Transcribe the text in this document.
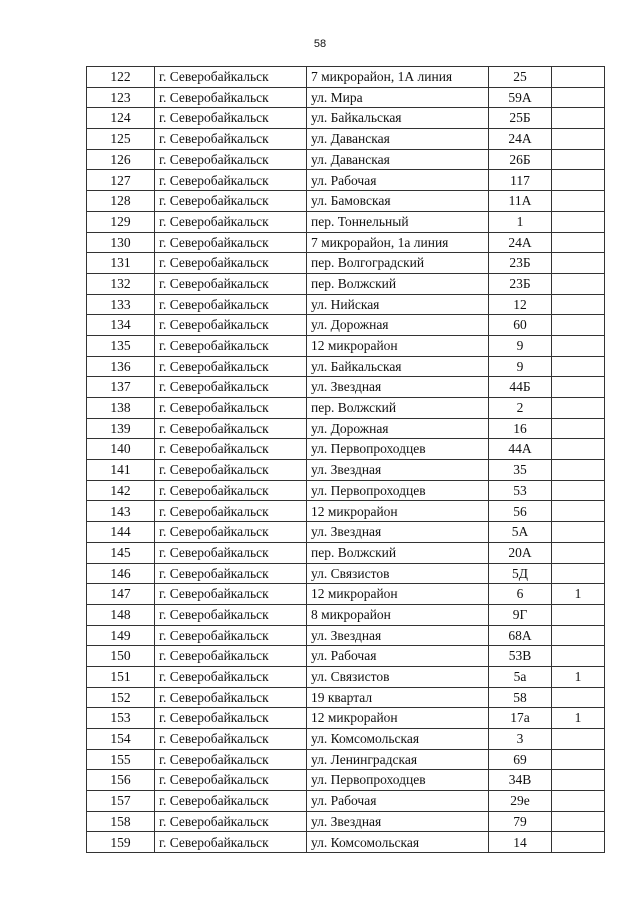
58
122	г. Северобайкальск	7 микрорайон, 1А линия	25	
123	г. Северобайкальск	ул. Мира	59А	
124	г. Северобайкальск	ул. Байкальская	25Б	
125	г. Северобайкальск	ул. Даванская	24А	
126	г. Северобайкальск	ул. Даванская	26Б	
127	г. Северобайкальск	ул. Рабочая	117	
128	г. Северобайкальск	ул. Бамовская	11А	
129	г. Северобайкальск	пер. Тоннельный	1	
130	г. Северобайкальск	7 микрорайон, 1а линия	24А	
131	г. Северобайкальск	пер. Волгоградский	23Б	
132	г. Северобайкальск	пер. Волжский	23Б	
133	г. Северобайкальск	ул. Нийская	12	
134	г. Северобайкальск	ул. Дорожная	60	
135	г. Северобайкальск	12 микрорайон	9	
136	г. Северобайкальск	ул. Байкальская	9	
137	г. Северобайкальск	ул. Звездная	44Б	
138	г. Северобайкальск	пер. Волжский	2	
139	г. Северобайкальск	ул. Дорожная	16	
140	г. Северобайкальск	ул. Первопроходцев	44А	
141	г. Северобайкальск	ул. Звездная	35	
142	г. Северобайкальск	ул. Первопроходцев	53	
143	г. Северобайкальск	12 микрорайон	56	
144	г. Северобайкальск	ул. Звездная	5А	
145	г. Северобайкальск	пер. Волжский	20А	
146	г. Северобайкальск	ул. Связистов	5Д	
147	г. Северобайкальск	12 микрорайон	6	1
148	г. Северобайкальск	8 микрорайон	9Г	
149	г. Северобайкальск	ул. Звездная	68А	
150	г. Северобайкальск	ул. Рабочая	53В	
151	г. Северобайкальск	ул. Связистов	5а	1
152	г. Северобайкальск	19 квартал	58	
153	г. Северобайкальск	12 микрорайон	17а	1
154	г. Северобайкальск	ул. Комсомольская	3	
155	г. Северобайкальск	ул. Ленинградская	69	
156	г. Северобайкальск	ул. Первопроходцев	34В	
157	г. Северобайкальск	ул. Рабочая	29е	
158	г. Северобайкальск	ул. Звездная	79	
159	г. Северобайкальск	ул. Комсомольская	14	
